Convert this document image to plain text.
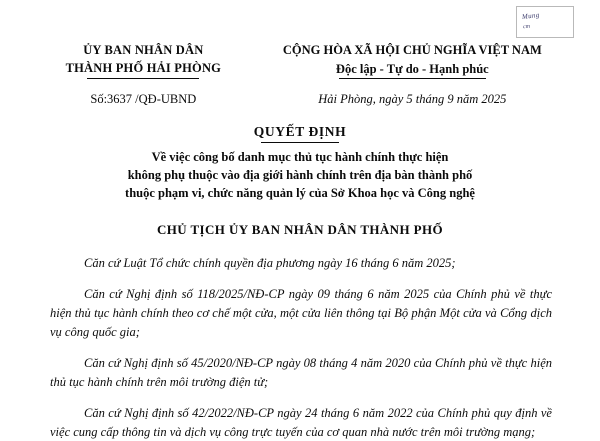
Mung
cm
ỦY BAN NHÂN DÂN
THÀNH PHỐ HẢI PHÒNG
CỘNG HÒA XÃ HỘI CHỦ NGHĨA VIỆT NAM
Độc lập - Tự do - Hạnh phúc
Số:3637 /QĐ-UBND	Hải Phòng, ngày 5 tháng 9 năm 2025
QUYẾT ĐỊNH
Về việc công bố danh mục thủ tục hành chính thực hiện
không phụ thuộc vào địa giới hành chính trên địa bàn thành phố
thuộc phạm vi, chức năng quản lý của Sở Khoa học và Công nghệ
CHỦ TỊCH ỦY BAN NHÂN DÂN THÀNH PHỐ

Căn cứ Luật Tổ chức chính quyền địa phương ngày 16 tháng 6 năm 2025;

Căn cứ Nghị định số 118/2025/NĐ-CP ngày 09 tháng 6 năm 2025 của Chính phủ về thực hiện thủ tục hành chính theo cơ chế một cửa, một cửa liên thông tại Bộ phận Một cửa và Cổng dịch vụ công quốc gia;

Căn cứ Nghị định số 45/2020/NĐ-CP ngày 08 tháng 4 năm 2020 của Chính phủ về thực hiện thủ tục hành chính trên môi trường điện tử;

Căn cứ Nghị định số 42/2022/NĐ-CP ngày 24 tháng 6 năm 2022 của Chính phủ quy định về việc cung cấp thông tin và dịch vụ công trực tuyến của cơ quan nhà nước trên môi trường mạng;
